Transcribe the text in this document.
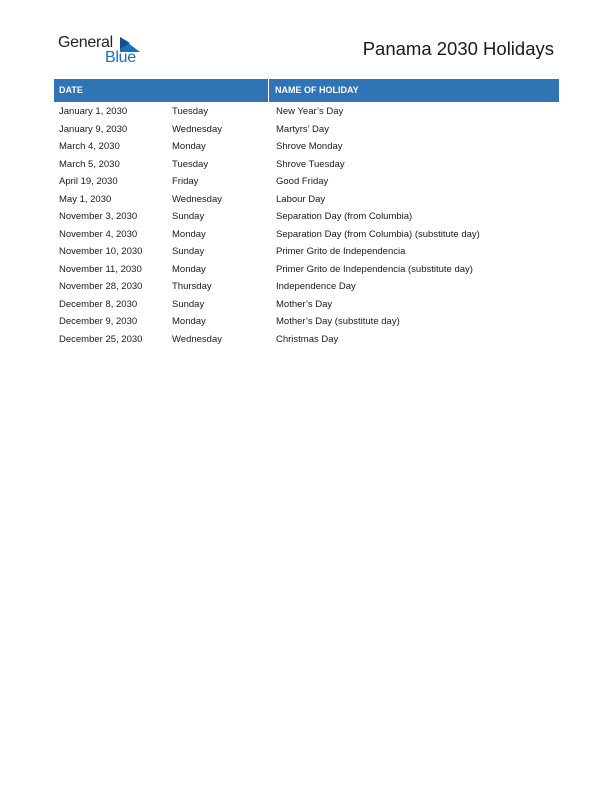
General
Blue	Panama 2030 Holidays
DATE	NAME OF HOLIDAY
January 1, 2030	Tuesday	New Year’s Day
January 9, 2030	Wednesday	Martyrs’ Day
March 4, 2030	Monday	Shrove Monday
March 5, 2030	Tuesday	Shrove Tuesday
April 19, 2030	Friday	Good Friday
May 1, 2030	Wednesday	Labour Day
November 3, 2030	Sunday	Separation Day (from Columbia)
November 4, 2030	Monday	Separation Day (from Columbia) (substitute day)
November 10, 2030	Sunday	Primer Grito de Independencia
November 11, 2030	Monday	Primer Grito de Independencia (substitute day)
November 28, 2030	Thursday	Independence Day
December 8, 2030	Sunday	Mother’s Day
December 9, 2030	Monday	Mother’s Day (substitute day)
December 25, 2030	Wednesday	Christmas Day
